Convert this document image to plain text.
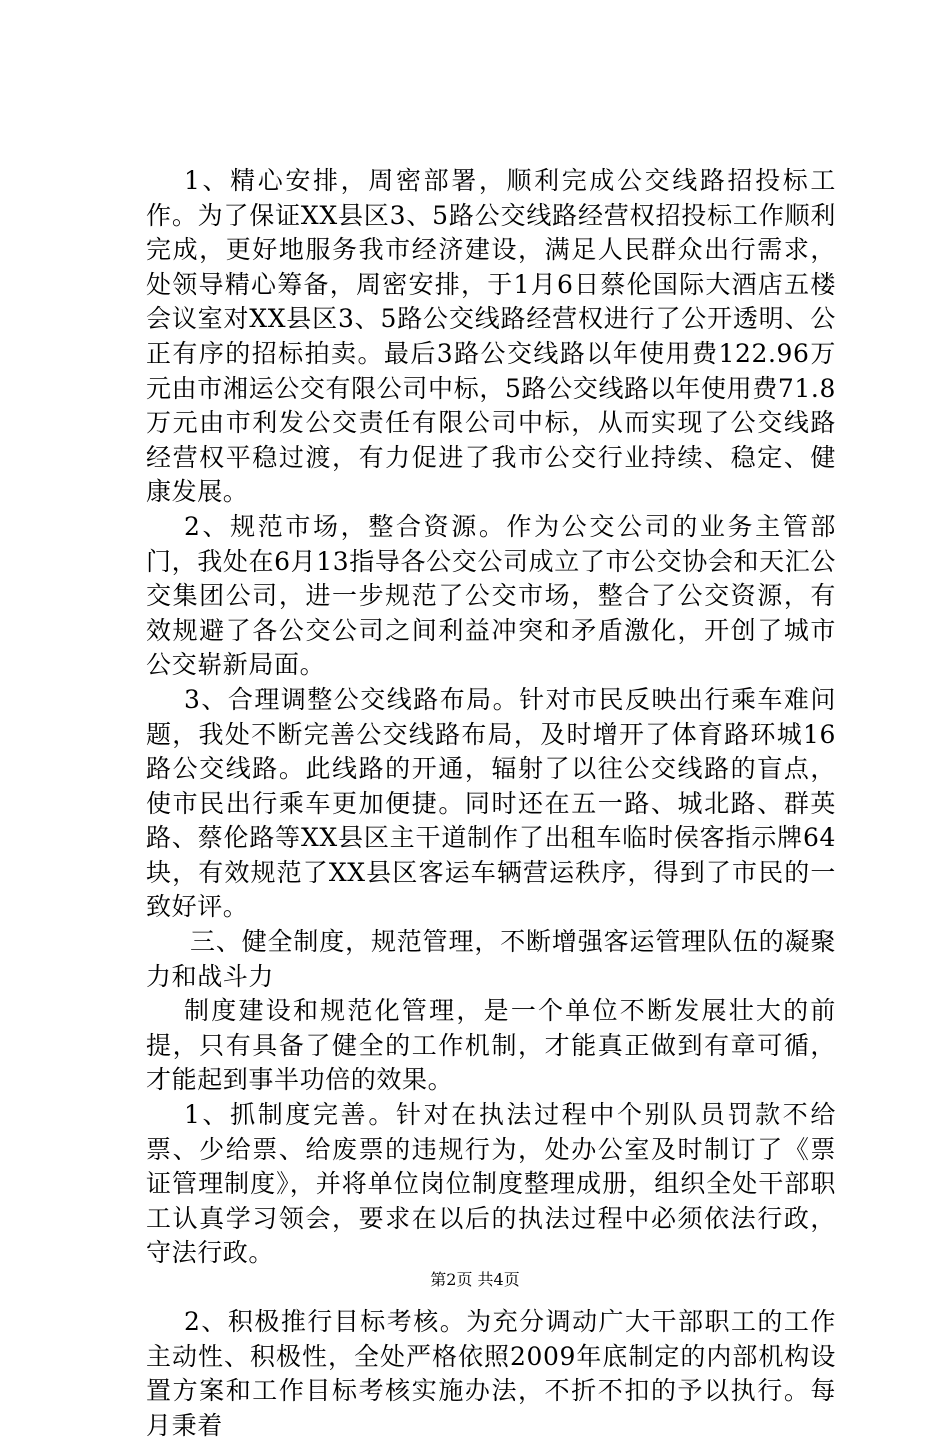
1、精心安排，周密部署，顺利完成公交线路招投标工作。为了保证XX县区3、5路公交线路经营权招投标工作顺利完成，更好地服务我市经济建设，满足人民群众出行需求，处领导精心筹备，周密安排，于1月6日蔡伦国际大酒店五楼会议室对XX县区3、5路公交线路经营权进行了公开透明、公正有序的招标拍卖。最后3路公交线路以年使用费122.96万元由市湘运公交有限公司中标，5路公交线路以年使用费71.8万元由市利发公交责任有限公司中标，从而实现了公交线路经营权平稳过渡，有力促进了我市公交行业持续、稳定、健康发展。

2、规范市场，整合资源。作为公交公司的业务主管部门，我处在6月13指导各公交公司成立了市公交协会和天汇公交集团公司，进一步规范了公交市场，整合了公交资源，有效规避了各公交公司之间利益冲突和矛盾激化，开创了城市公交崭新局面。

3、合理调整公交线路布局。针对市民反映出行乘车难问题，我处不断完善公交线路布局，及时增开了体育路环城16路公交线路。此线路的开通，辐射了以往公交线路的盲点，使市民出行乘车更加便捷。同时还在五一路、城北路、群英路、蔡伦路等XX县区主干道制作了出租车临时侯客指示牌64块，有效规范了XX县区客运车辆营运秩序，得到了市民的一致好评。

三、健全制度，规范管理，不断增强客运管理队伍的凝聚力和战斗力

制度建设和规范化管理，是一个单位不断发展壮大的前提，只有具备了健全的工作机制，才能真正做到有章可循，才能起到事半功倍的效果。

1、抓制度完善。针对在执法过程中个别队员罚款不给票、少给票、给废票的违规行为，处办公室及时制订了《票证管理制度》，并将单位岗位制度整理成册，组织全处干部职工认真学习领会，要求在以后的执法过程中必须依法行政，守法行政。

2、积极推行目标考核。为充分调动广大干部职工的工作主动性、积极性，全处严格依照2009年底制定的内部机构设置方案和工作目标考核实施办法，不折不扣的予以执行。每月秉着

第2页 共4页
